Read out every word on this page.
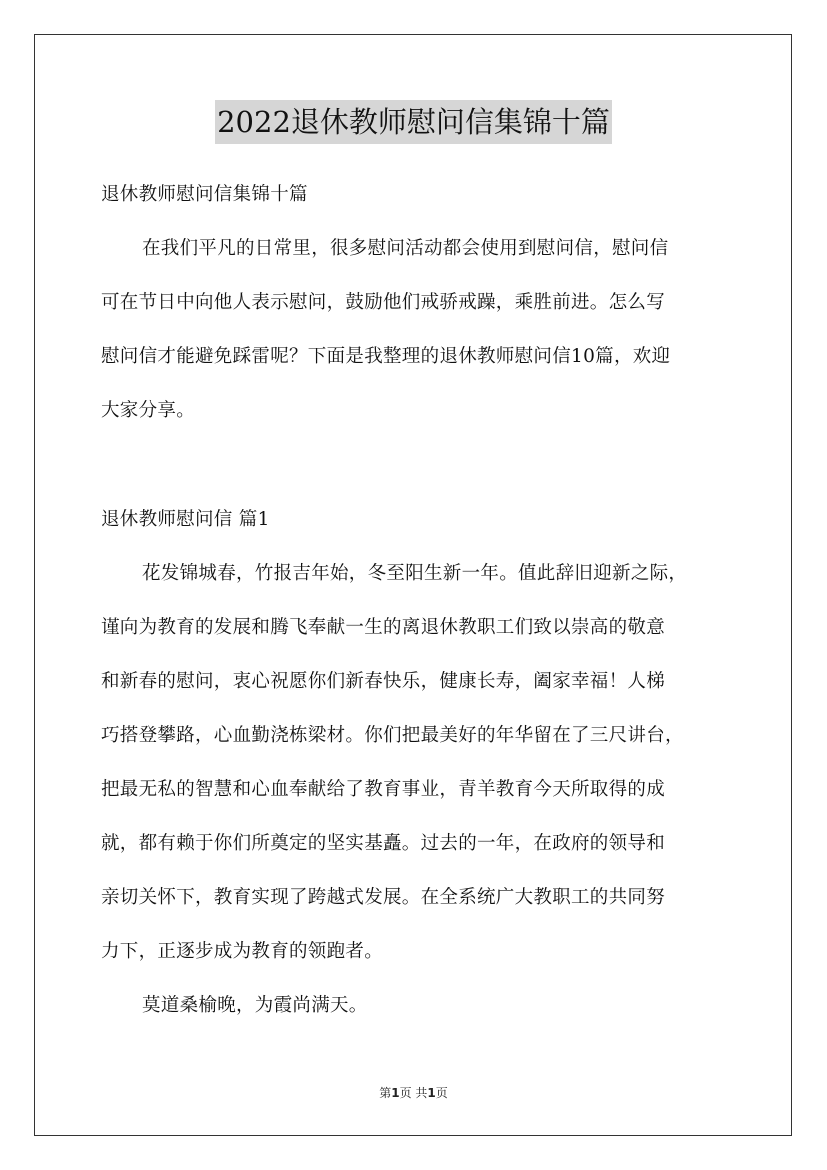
2022退休教师慰问信集锦十篇
退休教师慰问信集锦十篇
在我们平凡的日常里，很多慰问活动都会使用到慰问信，慰问信
可在节日中向他人表示慰问，鼓励他们戒骄戒躁，乘胜前进。怎么写
慰问信才能避免踩雷呢？下面是我整理的退休教师慰问信10篇，欢迎
大家分享。
退休教师慰问信 篇1
花发锦城春，竹报吉年始，冬至阳生新一年。值此辞旧迎新之际，
谨向为教育的发展和腾飞奉献一生的离退休教职工们致以崇高的敬意
和新春的慰问，衷心祝愿你们新春快乐，健康长寿，阖家幸福！人梯
巧搭登攀路，心血勤浇栋梁材。你们把最美好的年华留在了三尺讲台，
把最无私的智慧和心血奉献给了教育事业，青羊教育今天所取得的成
就，都有赖于你们所奠定的坚实基矗。过去的一年，在政府的领导和
亲切关怀下，教育实现了跨越式发展。在全系统广大教职工的共同努
力下，正逐步成为教育的领跑者。
莫道桑榆晚，为霞尚满天。
第1页 共1页
